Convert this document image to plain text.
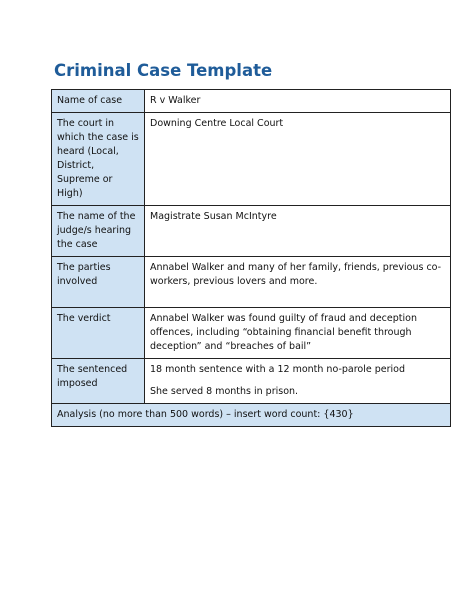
Criminal Case Template
Name of case	R v Walker
The court in which the case is heard (Local, District, Supreme or High)	Downing Centre Local Court
The name of the judge/s hearing the case	Magistrate Susan McIntyre
The parties involved	Annabel Walker and many of her family, friends, previous co-workers, previous lovers and more.
The verdict	Annabel Walker was found guilty of fraud and deception offences, including “obtaining financial benefit through deception” and “breaches of bail”
The sentenced imposed	18 month sentence with a 12 month no-parole period
She served 8 months in prison.

Analysis (no more than 500 words) – insert word count: {430}	
